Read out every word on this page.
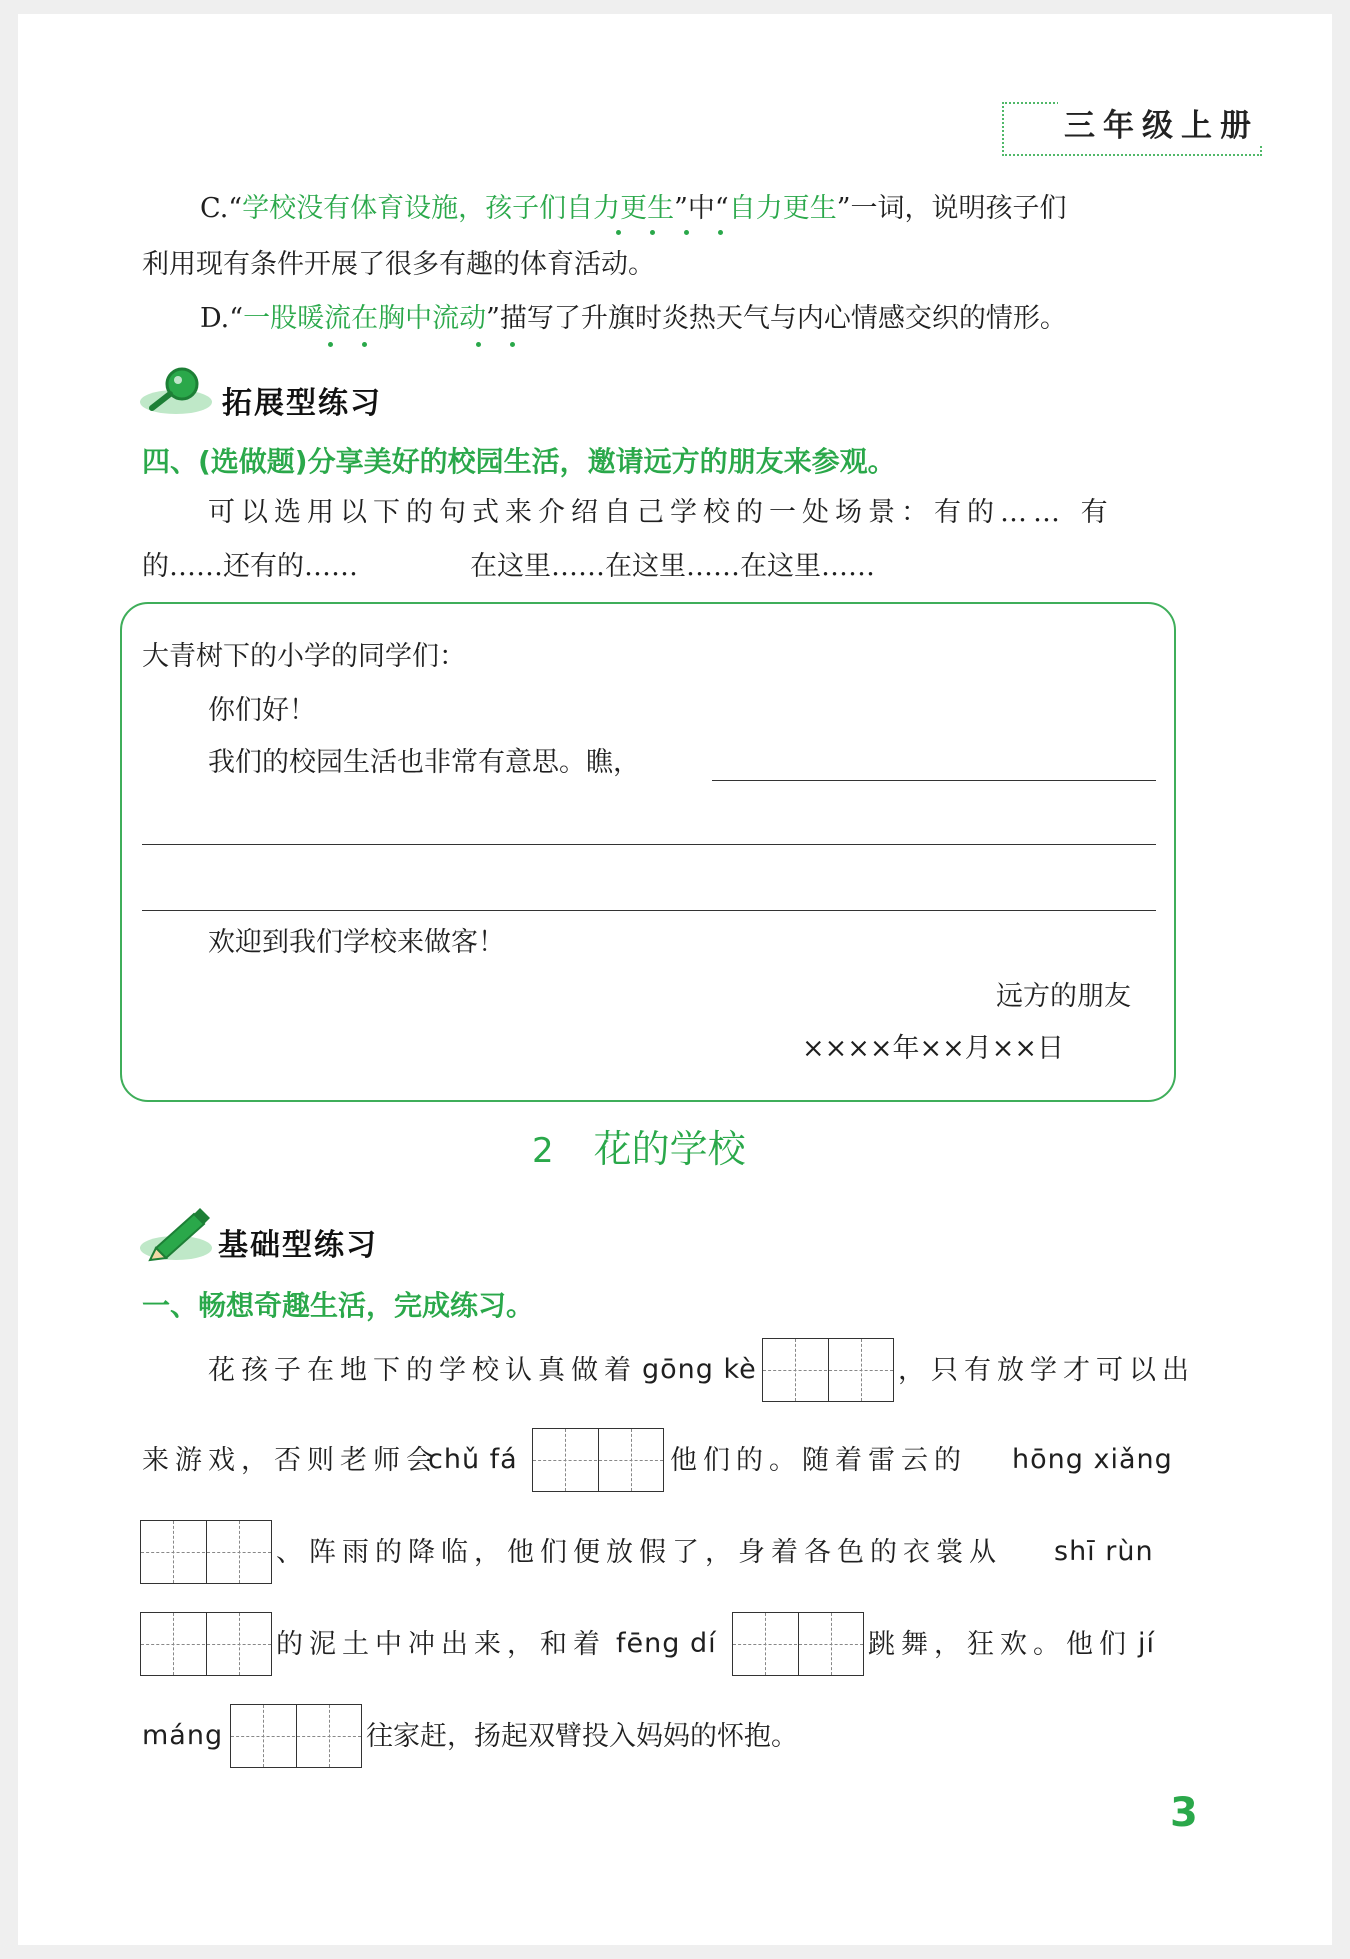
三年级上册
C.“学校没有体育设施，孩子们自力更生”中“自力更生”一词，说明孩子们
利用现有条件开展了很多有趣的体育活动。
D.“一股暖流在胸中流动”描写了升旗时炎热天气与内心情感交织的情形。
拓展型练习
四、(选做题)分享美好的校园生活，邀请远方的朋友来参观。
可以选用以下的句式来介绍自己学校的一处场景：有的…… 有
的……还有的……	在这里……在这里……在这里……
大青树下的小学的同学们：
你们好！
我们的校园生活也非常有意思。瞧，
欢迎到我们学校来做客！
远方的朋友
××××年××月××日
2 花的学校
基础型练习
一、畅想奇趣生活，完成练习。
花孩子在地下的学校认真做着 gōng kè	，只有放学才可以出
来游戏，否则老师会
chǔ fá	他们的。随着雷云的 hōng xiǎng
、阵雨的降临，他们便放假了，身着各色的衣裳从 shī rùn
的泥土中冲出来，和着 fēng dí	跳舞，狂欢。他们 jí
máng	往家赶，扬起双臂投入妈妈的怀抱。
3
